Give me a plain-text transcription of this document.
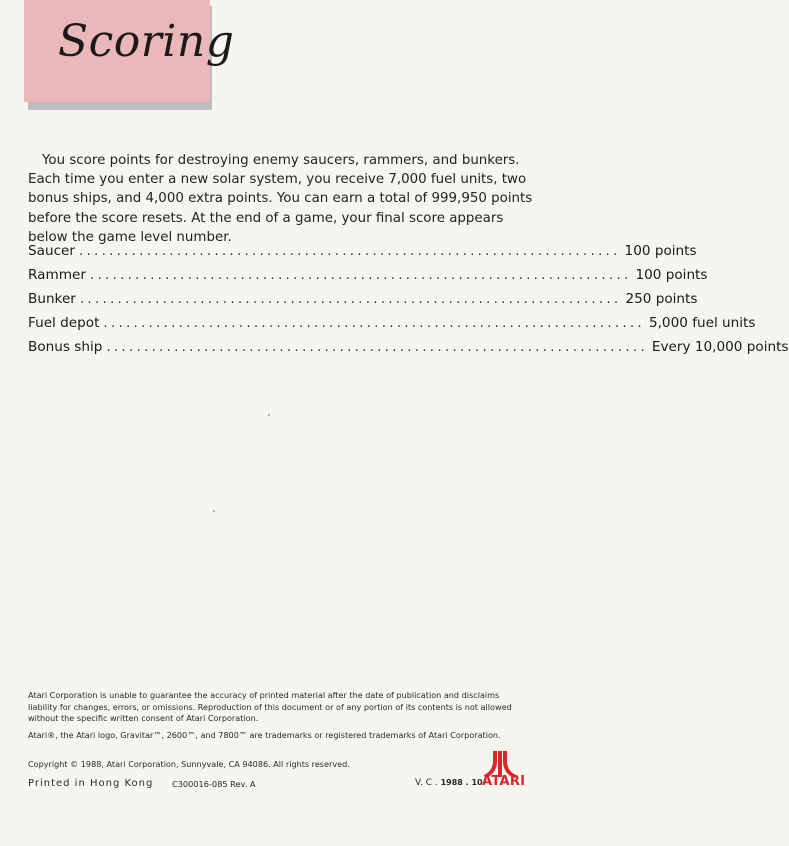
Scoring

You score points for destroying enemy saucers, rammers, and bunkers. Each time you enter a new solar system, you receive 7,000 fuel units, two bonus ships, and 4,000 extra points. You can earn a total of 999,950 points before the score resets. At the end of a game, your final score appears below the game level number.

Saucer ........................................................................ 100 points
Rammer ........................................................................ 100 points
Bunker ........................................................................ 250 points
Fuel depot ........................................................................ 5,000 fuel units
Bonus ship ........................................................................ Every 10,000 points

Atari Corporation is unable to guarantee the accuracy of printed material after the date of publication and disclaims liability for changes, errors, or omissions. Reproduction of this document or of any portion of its contents is not allowed without the specific written consent of Atari Corporation.

Atari®, the Atari logo, Gravitar™, 2600™, and 7800™ are trademarks or registered trademarks of Atari Corporation.

Copyright © 1988, Atari Corporation, Sunnyvale, CA 94086. All rights reserved.

Printed in Hong Kong C300016-085 Rev. A	V. C . 1988 . 10 ATARI
